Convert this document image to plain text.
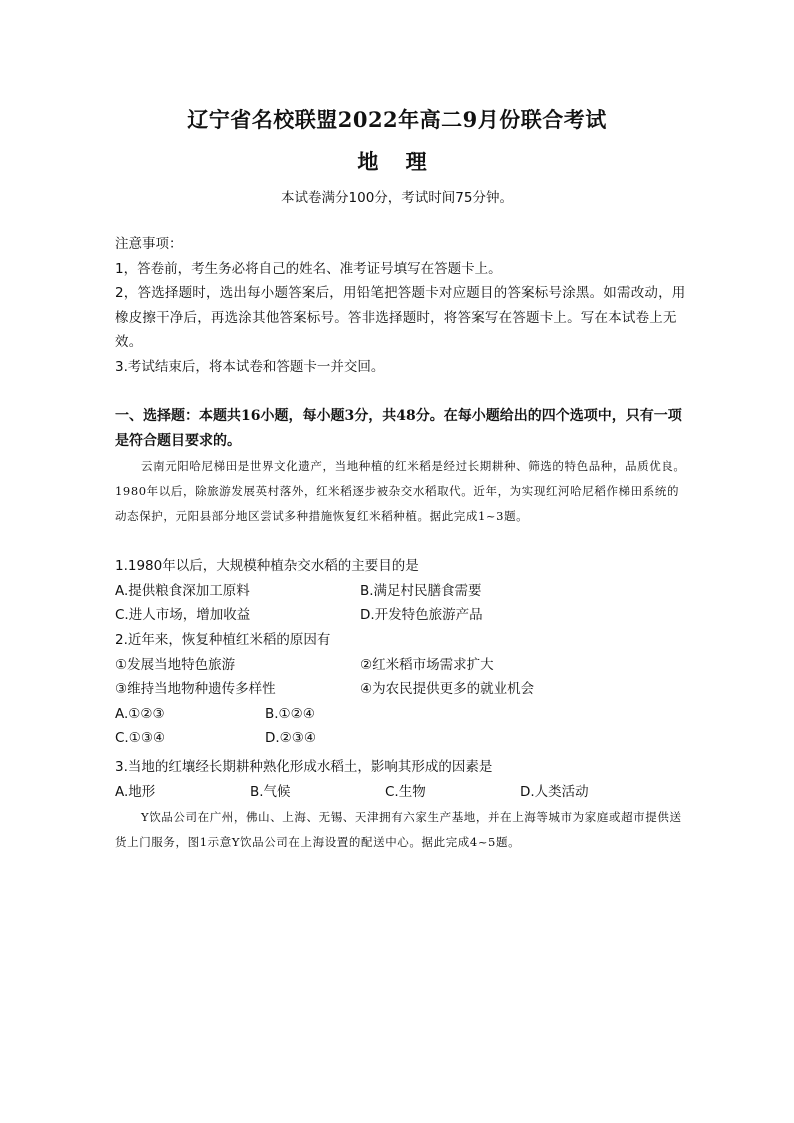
辽宁省名校联盟2022年高二9月份联合考试
地 理
本试卷满分100分，考试时间75分钟。
注意事项：
1，答卷前，考生务必将自己的姓名、准考证号填写在答题卡上。
2，答选择题时，选出每小题答案后，用铅笔把答题卡对应题目的答案标号涂黑。如需改动，用橡皮擦干净后，再选涂其他答案标号。答非选择题时，将答案写在答题卡上。写在本试卷上无效。
3.考试结束后，将本试卷和答题卡一并交回。
一、选择题：本题共16小题，每小题3分，共48分。在每小题给出的四个选项中，只有一项是符合题目要求的。
云南元阳哈尼梯田是世界文化遗产，当地种植的红米稻是经过长期耕种、筛选的特色品种，品质优良。1980年以后，除旅游发展英村落外，红米稻逐步被杂交水稻取代。近年，为实现红河哈尼稻作梯田系统的动态保护，元阳县部分地区尝试多种措施恢复红米稻种植。据此完成1~3题。
1.1980年以后，大规模种植杂交水稻的主要目的是
A.提供粮食深加工原料	B.满足村民膳食需要
C.进人市场，增加收益	D.开发特色旅游产品
2.近年来，恢复种植红米稻的原因有
①发展当地特色旅游	②红米稻市场需求扩大
③维持当地物种遗传多样性	④为农民提供更多的就业机会
A.①②③	B.①②④
C.①③④	D.②③④
3.当地的红壤经长期耕种熟化形成水稻土，影响其形成的因素是
A.地形	B.气候	C.生物	D.人类活动
Y饮品公司在广州，佛山、上海、无锡、天津拥有六家生产基地，并在上海等城市为家庭或超市提供送货上门服务，图1示意Y饮品公司在上海设置的配送中心。据此完成4~5题。
